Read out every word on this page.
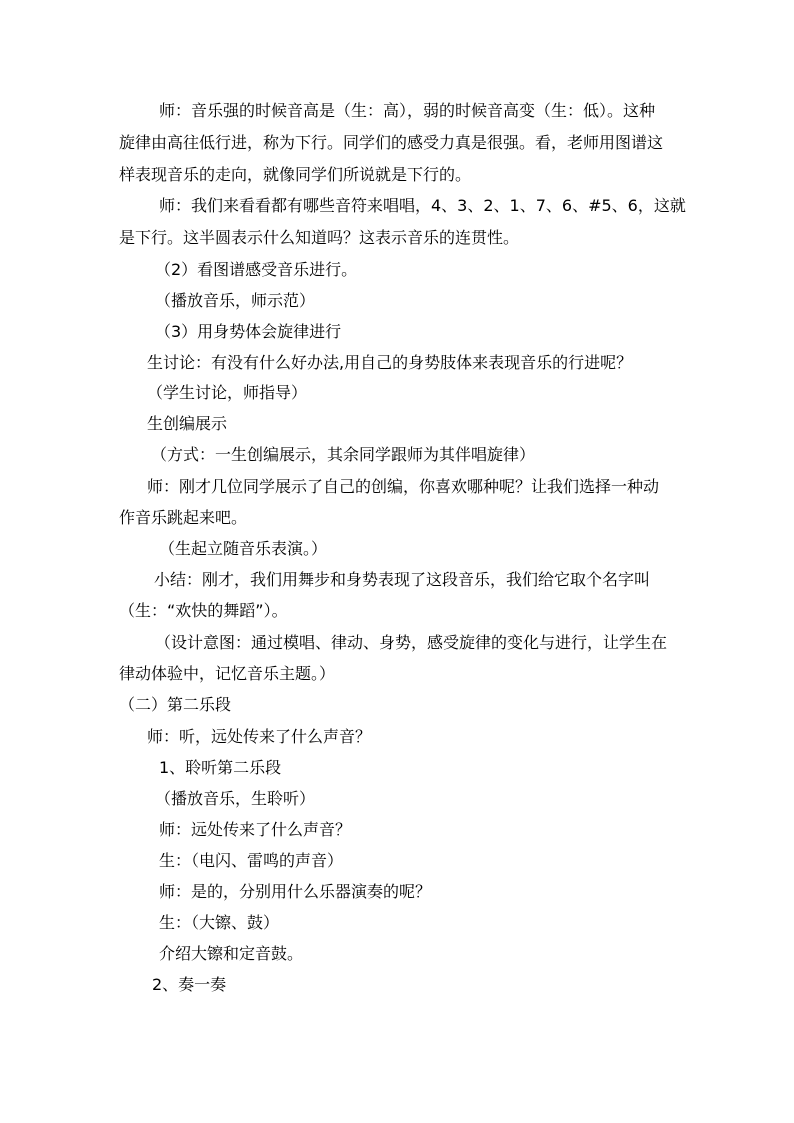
师：音乐强的时候音高是（生：高），弱的时候音高变（生：低）。这种
旋律由高往低行进，称为下行。同学们的感受力真是很强。看，老师用图谱这
样表现音乐的走向，就像同学们所说就是下行的。
师：我们来看看都有哪些音符来唱唱，4、3、2、1、7、6、#5、6，这就
是下行。这半圆表示什么知道吗？这表示音乐的连贯性。
（2）看图谱感受音乐进行。
（播放音乐，师示范）
（3）用身势体会旋律进行
生讨论：有没有什么好办法,用自己的身势肢体来表现音乐的行进呢？
（学生讨论，师指导）
生创编展示
（方式：一生创编展示，其余同学跟师为其伴唱旋律）
师：刚才几位同学展示了自己的创编，你喜欢哪种呢？让我们选择一种动
作音乐跳起来吧。
（生起立随音乐表演。）
小结：刚才，我们用舞步和身势表现了这段音乐，我们给它取个名字叫
（生：“欢快的舞蹈”）。
（设计意图：通过模唱、律动、身势，感受旋律的变化与进行，让学生在
律动体验中，记忆音乐主题。）
（二）第二乐段
师：听，远处传来了什么声音？
1、聆听第二乐段
（播放音乐，生聆听）
师：远处传来了什么声音？
生：（电闪、雷鸣的声音）
师：是的，分别用什么乐器演奏的呢？
生：（大镲、鼓）
介绍大镲和定音鼓。
2、奏一奏
